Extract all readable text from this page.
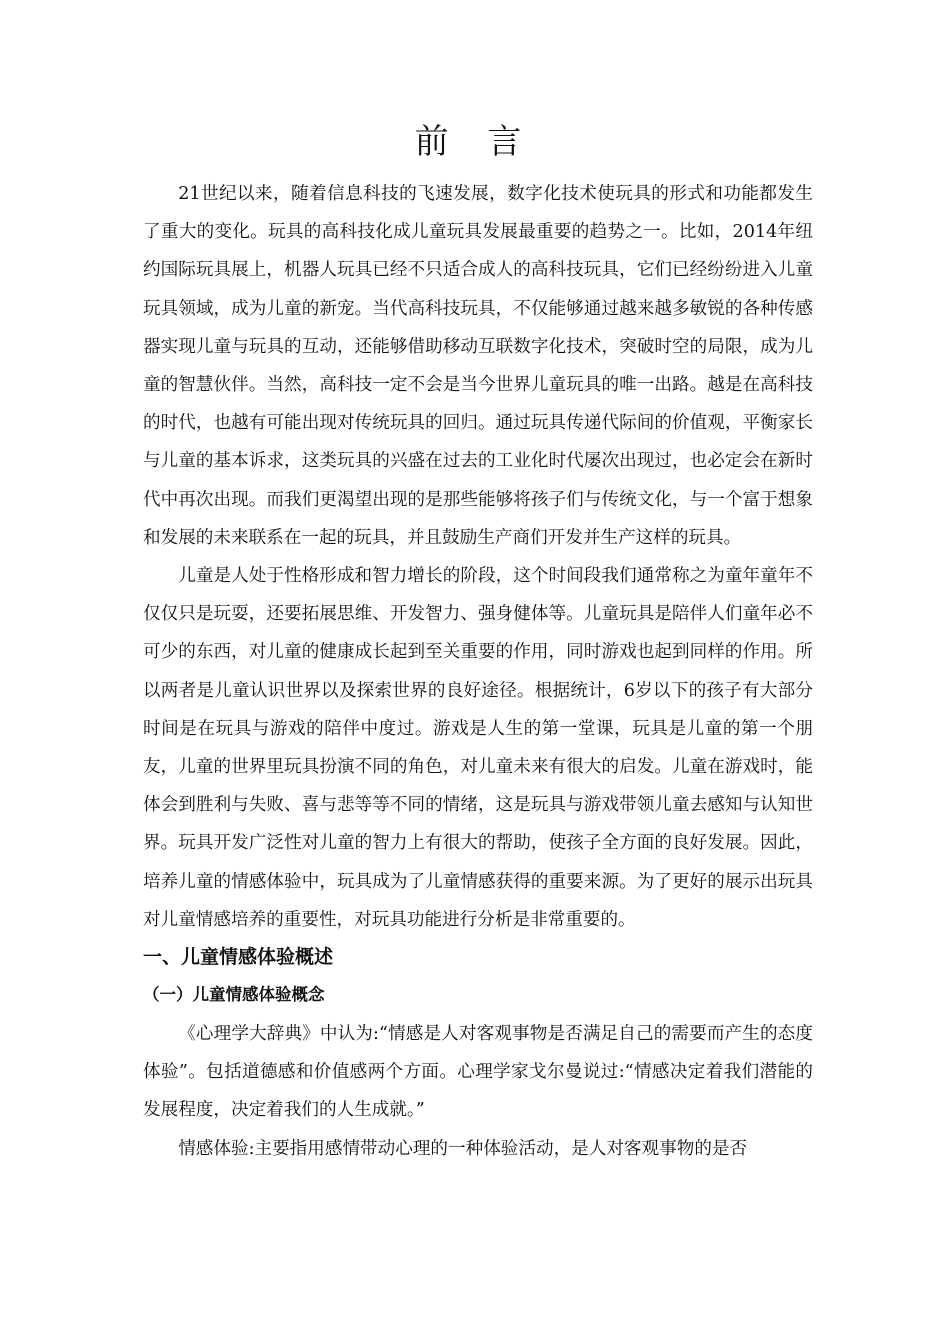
前 言

21世纪以来，随着信息科技的飞速发展，数字化技术使玩具的形式和功能都发生了重大的变化。玩具的高科技化成儿童玩具发展最重要的趋势之一。比如，2014年纽约国际玩具展上，机器人玩具已经不只适合成人的高科技玩具，它们已经纷纷进入儿童玩具领域，成为儿童的新宠。当代高科技玩具，不仅能够通过越来越多敏锐的各种传感器实现儿童与玩具的互动，还能够借助移动互联数字化技术，突破时空的局限，成为儿童的智慧伙伴。当然，高科技一定不会是当今世界儿童玩具的唯一出路。越是在高科技的时代，也越有可能出现对传统玩具的回归。通过玩具传递代际间的价值观，平衡家长与儿童的基本诉求，这类玩具的兴盛在过去的工业化时代屡次出现过，也必定会在新时代中再次出现。而我们更渴望出现的是那些能够将孩子们与传统文化，与一个富于想象和发展的未来联系在一起的玩具，并且鼓励生产商们开发并生产这样的玩具。

儿童是人处于性格形成和智力增长的阶段，这个时间段我们通常称之为童年童年不仅仅只是玩耍，还要拓展思维、开发智力、强身健体等。儿童玩具是陪伴人们童年必不可少的东西，对儿童的健康成长起到至关重要的作用，同时游戏也起到同样的作用。所以两者是儿童认识世界以及探索世界的良好途径。根据统计，6岁以下的孩子有大部分时间是在玩具与游戏的陪伴中度过。游戏是人生的第一堂课，玩具是儿童的第一个朋友，儿童的世界里玩具扮演不同的角色，对儿童未来有很大的启发。儿童在游戏时，能体会到胜利与失败、喜与悲等等不同的情绪，这是玩具与游戏带领儿童去感知与认知世界。玩具开发广泛性对儿童的智力上有很大的帮助，使孩子全方面的良好发展。因此，培养儿童的情感体验中，玩具成为了儿童情感获得的重要来源。为了更好的展示出玩具对儿童情感培养的重要性，对玩具功能进行分析是非常重要的。

一、儿童情感体验概述
（一）儿童情感体验概念

《心理学大辞典》中认为:“情感是人对客观事物是否满足自己的需要而产生的态度体验”。包括道德感和价值感两个方面。心理学家戈尔曼说过:“情感决定着我们潜能的发展程度，决定着我们的人生成就。”

情感体验:主要指用感情带动心理的一种体验活动，是人对客观事物的是否
